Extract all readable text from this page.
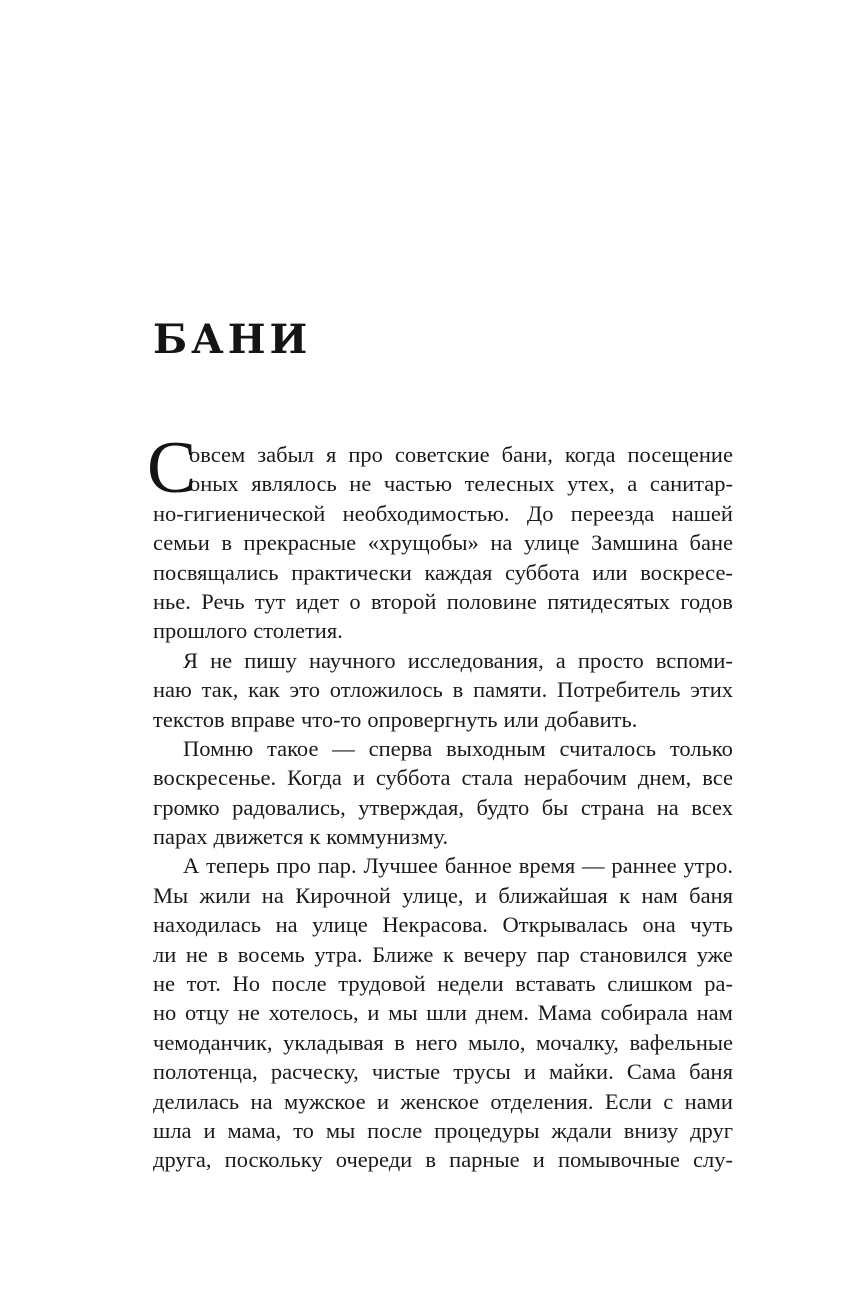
БАНИ
С
овсем забыл я про советские бани, когда посещение
оных являлось не частью телесных утех, а санитар-
но-гигиенической необходимостью. До переезда нашей
семьи в прекрасные «хрущобы» на улице Замшина бане
посвящались практически каждая суббота или воскресе-
нье. Речь тут идет о второй половине пятидесятых годов
прошлого столетия.
Я не пишу научного исследования, а просто вспоми-
наю так, как это отложилось в памяти. Потребитель этих
текстов вправе что-то опровергнуть или добавить.
Помню такое — сперва выходным считалось только
воскресенье. Когда и суббота стала нерабочим днем, все
громко радовались, утверждая, будто бы страна на всех
парах движется к коммунизму.
А теперь про пар. Лучшее банное время — раннее утро.
Мы жили на Кирочной улице, и ближайшая к нам баня
находилась на улице Некрасова. Открывалась она чуть
ли не в восемь утра. Ближе к вечеру пар становился уже
не тот. Но после трудовой недели вставать слишком ра-
но отцу не хотелось, и мы шли днем. Мама собирала нам
чемоданчик, укладывая в него мыло, мочалку, вафельные
полотенца, расческу, чистые трусы и майки. Сама баня
делилась на мужское и женское отделения. Если с нами
шла и мама, то мы после процедуры ждали внизу друг
друга, поскольку очереди в парные и помывочные слу-
